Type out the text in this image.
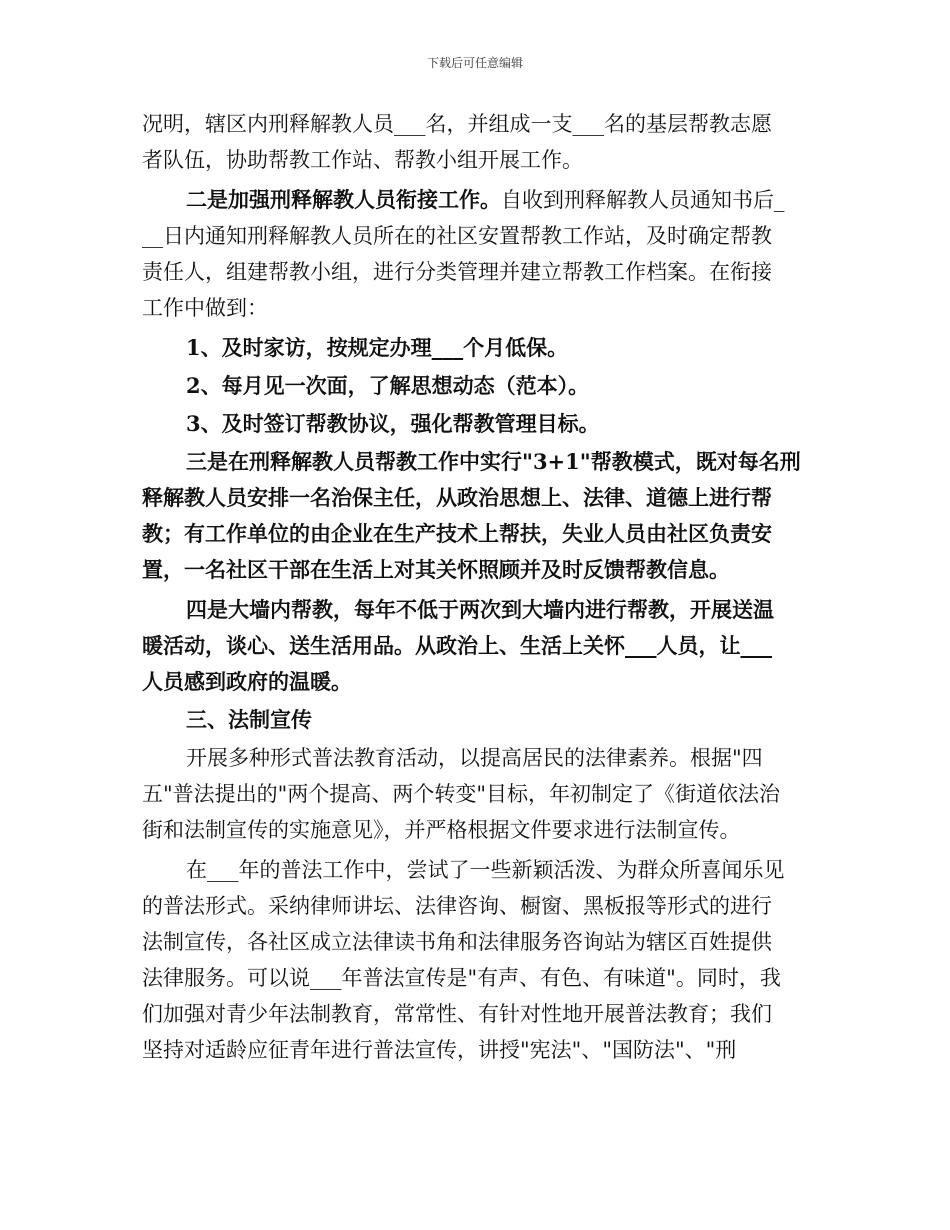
下载后可任意编辑
况明，辖区内刑释解教人员___名，并组成一支___名的基层帮教志愿
者队伍，协助帮教工作站、帮教小组开展工作。
二是加强刑释解教人员衔接工作。自收到刑释解教人员通知书后_
__日内通知刑释解教人员所在的社区安置帮教工作站，及时确定帮教
责任人，组建帮教小组，进行分类管理并建立帮教工作档案。在衔接
工作中做到：
1、及时家访，按规定办理___个月低保。
2、每月见一次面，了解思想动态（范本）。
3、及时签订帮教协议，强化帮教管理目标。
三是在刑释解教人员帮教工作中实行"3+1"帮教模式，既对每名刑
释解教人员安排一名治保主任，从政治思想上、法律、道德上进行帮
教；有工作单位的由企业在生产技术上帮扶，失业人员由社区负责安
置，一名社区干部在生活上对其关怀照顾并及时反馈帮教信息。
四是大墙内帮教，每年不低于两次到大墙内进行帮教，开展送温
暖活动，谈心、送生活用品。从政治上、生活上关怀___人员，让___
人员感到政府的温暖。
三、法制宣传
开展多种形式普法教育活动，以提高居民的法律素养。根据"四
五"普法提出的"两个提高、两个转变"目标，年初制定了《街道依法治
街和法制宣传的实施意见》，并严格根据文件要求进行法制宣传。
在___年的普法工作中，尝试了一些新颖活泼、为群众所喜闻乐见
的普法形式。采纳律师讲坛、法律咨询、橱窗、黑板报等形式的进行
法制宣传，各社区成立法律读书角和法律服务咨询站为辖区百姓提供
法律服务。可以说___年普法宣传是"有声、有色、有味道"。同时，我
们加强对青少年法制教育，常常性、有针对性地开展普法教育；我们
坚持对适龄应征青年进行普法宣传，讲授"宪法"、"国防法"、"刑
